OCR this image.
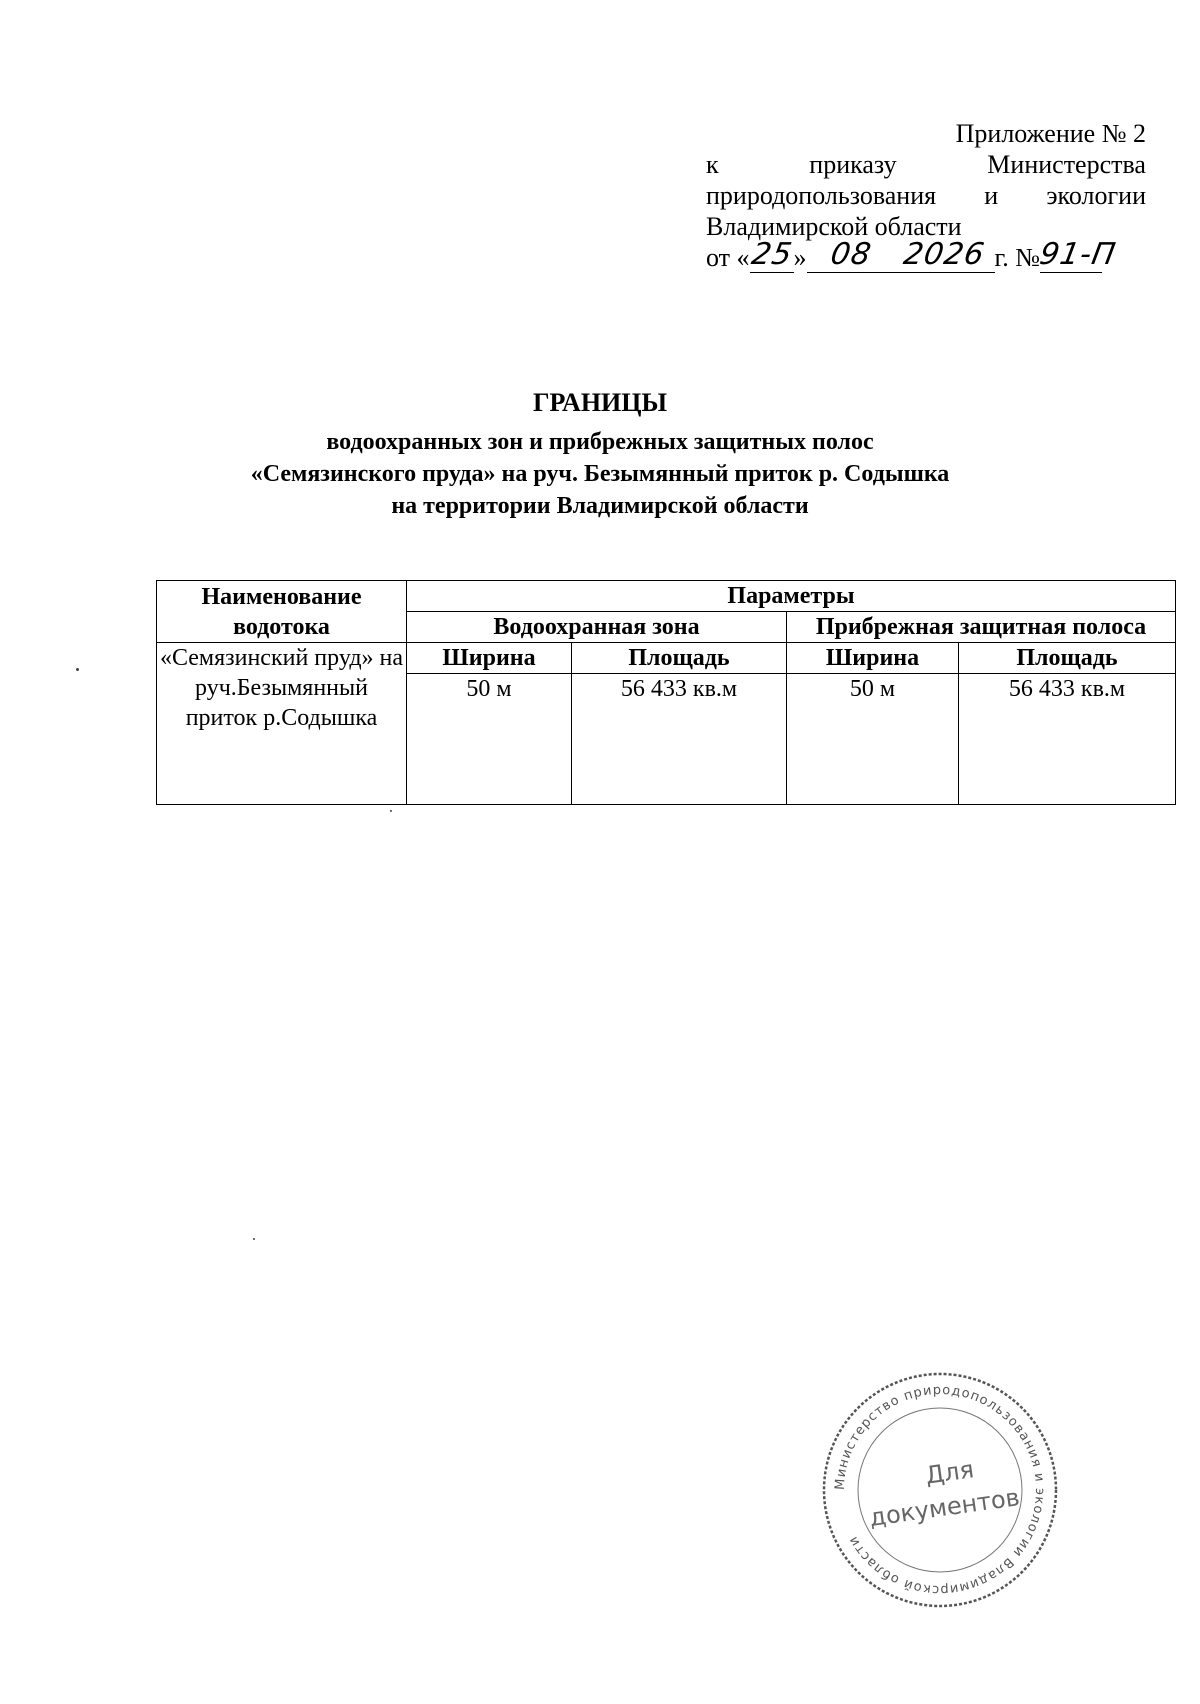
Приложение № 2
к	приказу	Министерства
природопользования и экологии
Владимирской области
от «
25
» 08 2026 г. №
91-П
ГРАНИЦЫ
водоохранных зон и прибрежных защитных полос
«Семязинского пруда» на руч. Безымянный приток р. Содышка
на территории Владимирской области
Наименование водотока	Параметры			
	Водоохранная зона		Прибрежная защитная полоса	
«Семязинский пруд» на руч.Безымянный приток р.Содышка	Ширина	Площадь	Ширина	Площадь
	50 м	56 433 кв.м	50 м	56 433 кв.м
Министерство природопользования и экологии Владимирской области
Для
документов
